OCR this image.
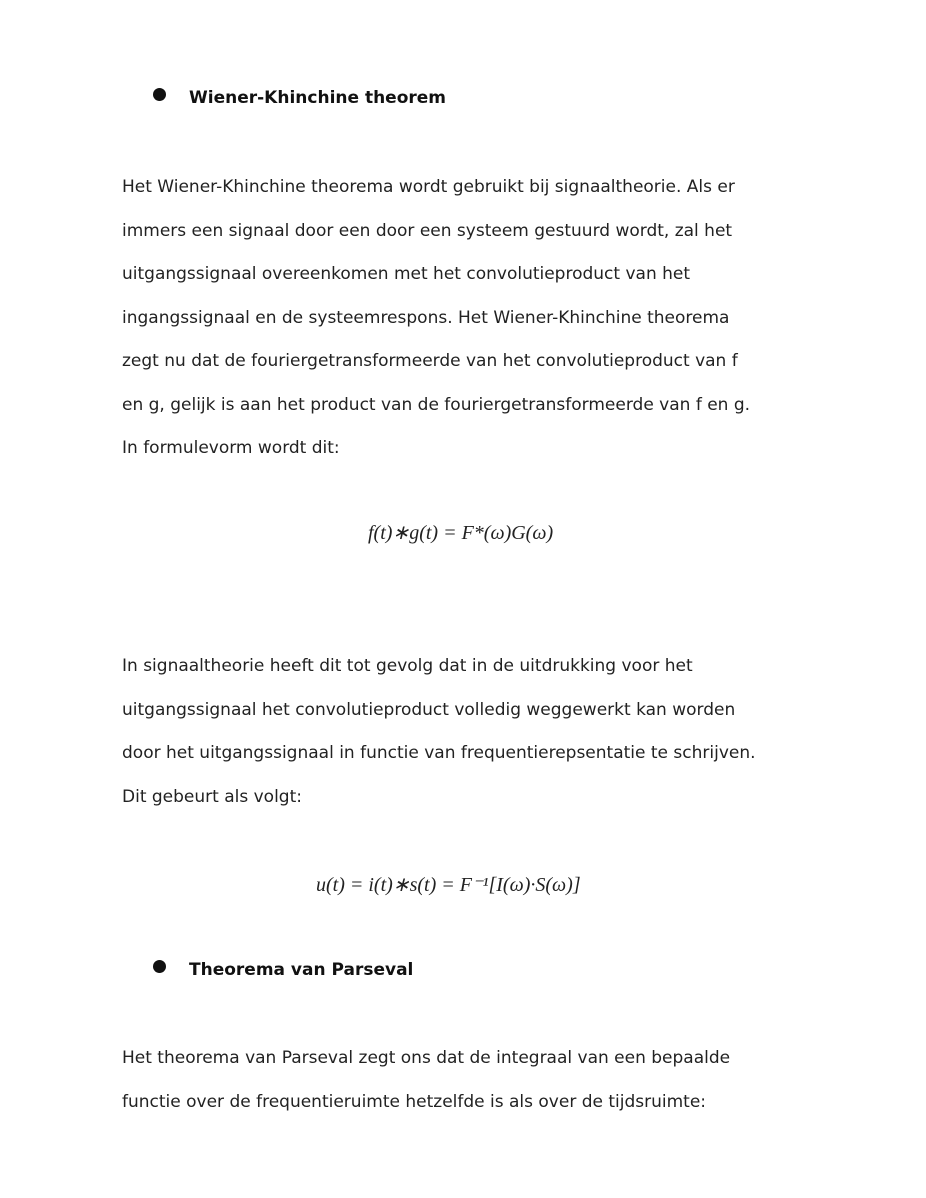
Wiener-Khinchine theorem
Het Wiener-Khinchine theorema wordt gebruikt bij signaaltheorie. Als er
immers een signaal door een door een systeem gestuurd wordt, zal het
uitgangssignaal overeenkomen met het convolutieproduct van het
ingangssignaal en de systeemrespons. Het Wiener-Khinchine theorema
zegt nu dat de fouriergetransformeerde van het convolutieproduct van f
en g, gelijk is aan het product van de fouriergetransformeerde van f en g.
In formulevorm wordt dit:
f(t)∗g(t) = F*(ω)G(ω)
In signaaltheorie heeft dit tot gevolg dat in de uitdrukking voor het
uitgangssignaal het convolutieproduct volledig weggewerkt kan worden
door het uitgangssignaal in functie van frequentierepsentatie te schrijven.
Dit gebeurt als volgt:
u(t) = i(t)∗s(t) = F⁻¹[I(ω)·S(ω)]
Theorema van Parseval
Het theorema van Parseval zegt ons dat de integraal van een bepaalde
functie over de frequentieruimte hetzelfde is als over de tijdsruimte:
